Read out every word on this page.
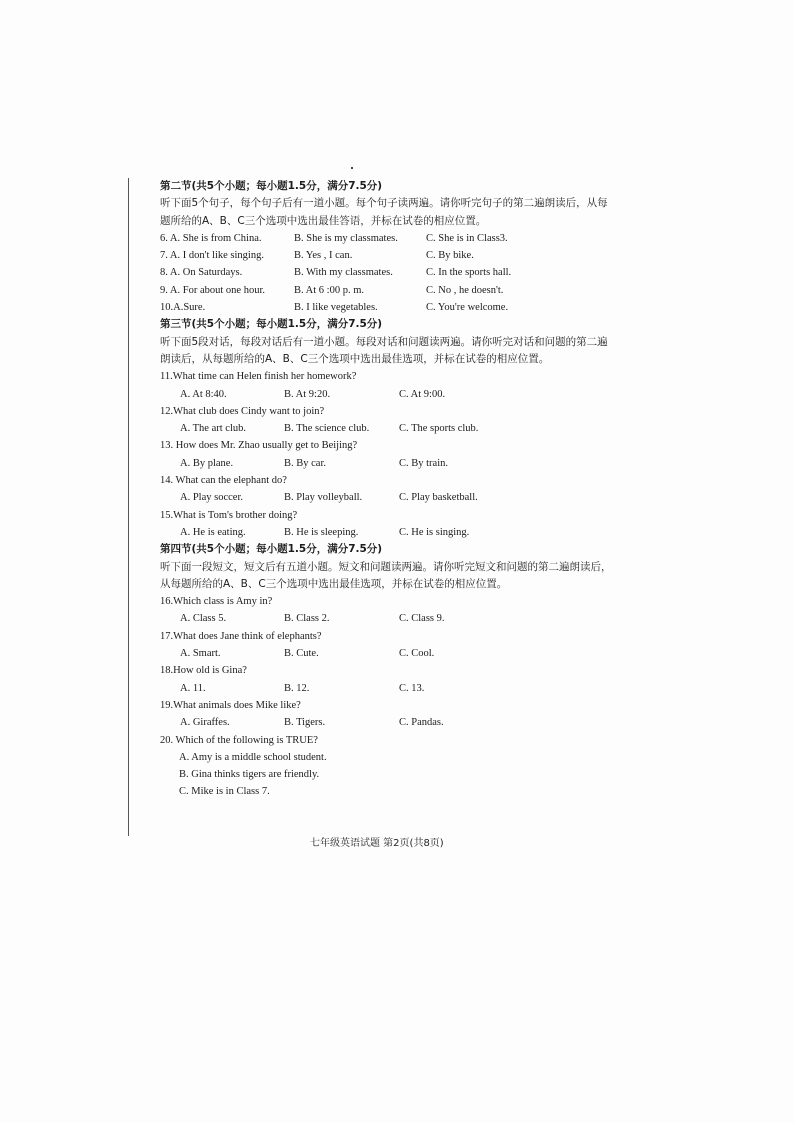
第二节(共5个小题；每小题1.5分，满分7.5分)
听下面5个句子，每个句子后有一道小题。每个句子读两遍。请你听完句子的第二遍朗读后，从每
题所给的A、B、C三个选项中选出最佳答语，并标在试卷的相应位置。
6. A. She is from China.	B. She is my classmates.	C. She is in Class3.
7. A. I don't like singing.	B. Yes , I can.	C. By bike.
8. A. On Saturdays.	B. With my classmates.	C. In the sports hall.
9. A. For about one hour.	B. At 6 :00 p. m.	C. No , he doesn't.
10.A.Sure.	B. I like vegetables.	C. You're welcome.
第三节(共5个小题；每小题1.5分，满分7.5分)
听下面5段对话，每段对话后有一道小题。每段对话和问题读两遍。请你听完对话和问题的第二遍
朗读后，从每题所给的A、B、C三个选项中选出最佳选项，并标在试卷的相应位置。
11.What time can Helen finish her homework?
A. At 8:40.	B. At 9:20.	C. At 9:00.
12.What club does Cindy want to join?
A. The art club.	B. The science club.	C. The sports club.
13. How does Mr. Zhao usually get to Beijing?
A. By plane.	B. By car.	C. By train.
14. What can the elephant do?
A. Play soccer.	B. Play volleyball.	C. Play basketball.
15.What is Tom's brother doing?
A. He is eating.	B. He is sleeping.	C. He is singing.
第四节(共5个小题；每小题1.5分，满分7.5分)
听下面一段短文，短文后有五道小题。短文和问题读两遍。请你听完短文和问题的第二遍朗读后，
从每题所给的A、B、C三个选项中选出最佳选项，并标在试卷的相应位置。
16.Which class is Amy in?
A. Class 5.	B. Class 2.	C. Class 9.
17.What does Jane think of elephants?
A. Smart.	B. Cute.	C. Cool.
18.How old is Gina?
A. 11.	B. 12.	C. 13.
19.What animals does Mike like?
A. Giraffes.	B. Tigers.	C. Pandas.
20. Which of the following is TRUE?
A. Amy is a middle school student.
B. Gina thinks tigers are friendly.
C. Mike is in Class 7.
七年级英语试题 第2页(共8页)
